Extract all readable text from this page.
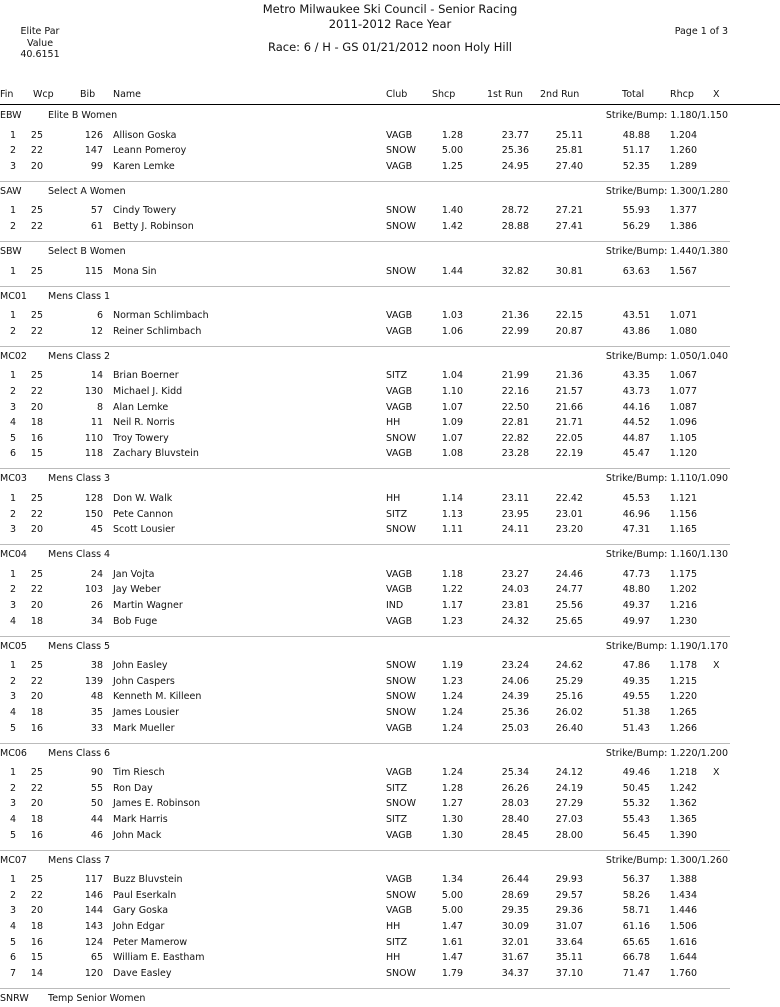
Metro Milwaukee Ski Council - Senior Racing
2011-2012 Race Year
Race: 6 / H - GS 01/21/2012 noon Holy Hill
Elite Par
Value
40.6151
Page 1 of 3
Fin Wcp	Bib Name	Club	Shcp	1st Run 2nd Run	Total	Rhcp X
EBW	Elite B Women	Strike/Bump: 1.180/1.150
1 25	126 Allison Goska	VAGB	1.28	23.77	25.11	48.88 1.204
2 22	147 Leann Pomeroy	SNOW	5.00	25.36	25.81	51.17 1.260
3 20	99 Karen Lemke	VAGB	1.25	24.95	27.40	52.35 1.289
SAW	Select A Women	Strike/Bump: 1.300/1.280
1 25	57 Cindy Towery	SNOW	1.40	28.72	27.21	55.93 1.377
2 22	61 Betty J. Robinson	SNOW	1.42	28.88	27.41	56.29 1.386
SBW	Select B Women	Strike/Bump: 1.440/1.380
1 25	115 Mona Sin	SNOW	1.44	32.82	30.81	63.63 1.567
MC01 Mens Class 1
1 25	6 Norman Schlimbach	VAGB	1.03	21.36	22.15	43.51 1.071
2 22	12 Reiner Schlimbach	VAGB	1.06	22.99	20.87	43.86 1.080
MC02 Mens Class 2	Strike/Bump: 1.050/1.040
1 25	14 Brian Boerner	SITZ	1.04	21.99	21.36	43.35 1.067
2 22	130 Michael J. Kidd	VAGB	1.10	22.16	21.57	43.73 1.077
3 20	8 Alan Lemke	VAGB	1.07	22.50	21.66	44.16 1.087
4 18	11 Neil R. Norris	HH	1.09	22.81	21.71	44.52 1.096
5 16	110 Troy Towery	SNOW	1.07	22.82	22.05	44.87 1.105
6 15	118 Zachary Bluvstein	VAGB	1.08	23.28	22.19	45.47 1.120
MC03 Mens Class 3	Strike/Bump: 1.110/1.090
1 25	128 Don W. Walk	HH	1.14	23.11	22.42	45.53 1.121
2 22	150 Pete Cannon	SITZ	1.13	23.95	23.01	46.96 1.156
3 20	45 Scott Lousier	SNOW	1.11	24.11	23.20	47.31 1.165
MC04 Mens Class 4	Strike/Bump: 1.160/1.130
1 25	24 Jan Vojta	VAGB	1.18	23.27	24.46	47.73 1.175
2 22	103 Jay Weber	VAGB	1.22	24.03	24.77	48.80 1.202
3 20	26 Martin Wagner	IND	1.17	23.81	25.56	49.37 1.216
4 18	34 Bob Fuge	VAGB	1.23	24.32	25.65	49.97 1.230
MC05 Mens Class 5	Strike/Bump: 1.190/1.170
1 25	38 John Easley	SNOW	1.19	23.24	24.62	47.86 1.178 X
2 22	139 John Caspers	SNOW	1.23	24.06	25.29	49.35 1.215
3 20	48 Kenneth M. Killeen	SNOW	1.24	24.39	25.16	49.55 1.220
4 18	35 James Lousier	SNOW	1.24	25.36	26.02	51.38 1.265
5 16	33 Mark Mueller	VAGB	1.24	25.03	26.40	51.43 1.266
MC06 Mens Class 6	Strike/Bump: 1.220/1.200
1 25	90 Tim Riesch	VAGB	1.24	25.34	24.12	49.46 1.218 X
2 22	55 Ron Day	SITZ	1.28	26.26	24.19	50.45 1.242
3 20	50 James E. Robinson	SNOW	1.27	28.03	27.29	55.32 1.362
4 18	44 Mark Harris	SITZ	1.30	28.40	27.03	55.43 1.365
5 16	46 John Mack	VAGB	1.30	28.45	28.00	56.45 1.390
MC07 Mens Class 7	Strike/Bump: 1.300/1.260
1 25	117 Buzz Bluvstein	VAGB	1.34	26.44	29.93	56.37 1.388
2 22	146 Paul Eserkaln	SNOW	5.00	28.69	29.57	58.26 1.434
3 20	144 Gary Goska	VAGB	5.00	29.35	29.36	58.71 1.446
4 18	143 John Edgar	HH	1.47	30.09	31.07	61.16 1.506
5 16	124 Peter Mamerow	SITZ	1.61	32.01	33.64	65.65 1.616
6 15	65 William E. Eastham	HH	1.47	31.67	35.11	66.78 1.644
7 14	120 Dave Easley	SNOW	1.79	34.37	37.10	71.47 1.760
SNRW Temp Senior Women
